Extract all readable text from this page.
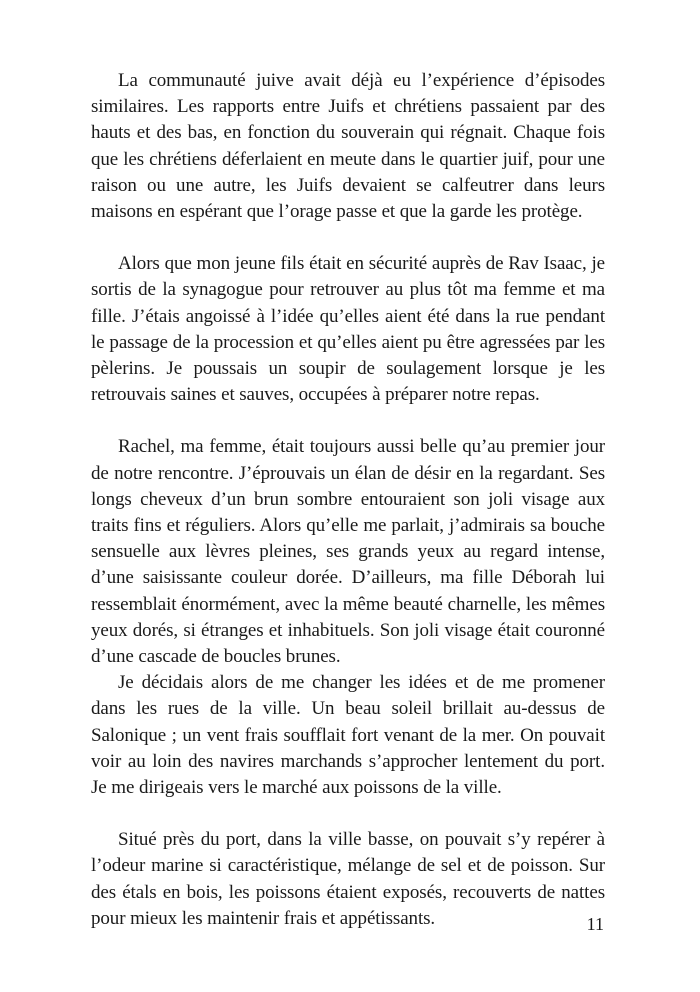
La communauté juive avait déjà eu l’expérience d’épisodes similaires. Les rapports entre Juifs et chrétiens passaient par des hauts et des bas, en fonction du souverain qui régnait. Chaque fois que les chrétiens déferlaient en meute dans le quartier juif, pour une raison ou une autre, les Juifs devaient se calfeutrer dans leurs maisons en espérant que l’orage passe et que la garde les protège.

Alors que mon jeune fils était en sécurité auprès de Rav Isaac, je sortis de la synagogue pour retrouver au plus tôt ma femme et ma fille. J’étais angoissé à l’idée qu’elles aient été dans la rue pendant le passage de la procession et qu’elles aient pu être agressées par les pèlerins. Je poussais un soupir de soulagement lorsque je les retrouvais saines et sauves, occupées à préparer notre repas.

Rachel, ma femme, était toujours aussi belle qu’au premier jour de notre rencontre. J’éprouvais un élan de désir en la regardant. Ses longs cheveux d’un brun sombre entouraient son joli visage aux traits fins et réguliers. Alors qu’elle me parlait, j’admirais sa bouche sensuelle aux lèvres pleines, ses grands yeux au regard intense, d’une saisissante couleur dorée. D’ailleurs, ma fille Déborah lui ressemblait énormément, avec la même beauté charnelle, les mêmes yeux dorés, si étranges et inhabituels. Son joli visage était couronné d’une cascade de boucles brunes.

Je décidais alors de me changer les idées et de me promener dans les rues de la ville. Un beau soleil brillait au-dessus de Salonique ; un vent frais soufflait fort venant de la mer. On pouvait voir au loin des navires marchands s’approcher lentement du port. Je me dirigeais vers le marché aux poissons de la ville.

Situé près du port, dans la ville basse, on pouvait s’y repérer à l’odeur marine si caractéristique, mélange de sel et de poisson. Sur des étals en bois, les poissons étaient exposés, recouverts de nattes pour mieux les maintenir frais et appétissants.	11
